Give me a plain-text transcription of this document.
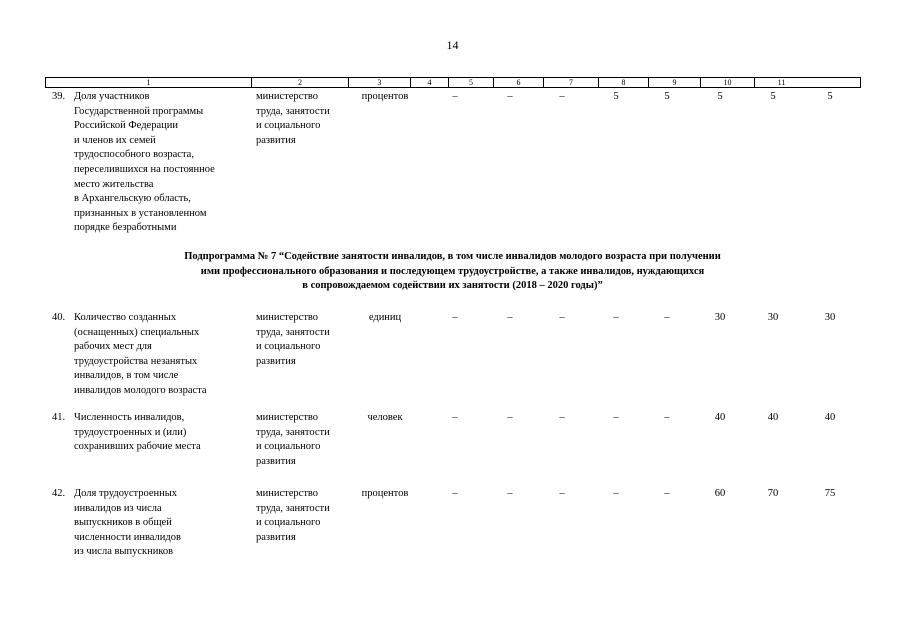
14
1	2	3	4	5	6	7	8	9	10	11
39. Доля участников
Государственной программы
Российской Федерации
и членов их семей
трудоспособного возраста,
переселившихся на постоянное
место жительства
в Архангельскую область,
признанных в установленном
порядке безработными
министерство
труда, занятости
и социального
развития
процентов	–	–	–	5	5	5	5	5
40. Количество созданных
(оснащенных) специальных
рабочих мест для
трудоустройства незанятых
инвалидов, в том числе
инвалидов молодого возраста
министерство
труда, занятости
и социального
развития
единиц	–	–	–	–	–	30	30	30
41. Численность инвалидов,
трудоустроенных и (или)
сохранивших рабочие места
министерство
труда, занятости
и социального
развития
человек	–	–	–	–	–	40	40	40
42. Доля трудоустроенных
инвалидов из числа
выпускников в общей
численности инвалидов
из числа выпускников
министерство
труда, занятости
и социального
развития
процентов	–	–	–	–	–	60	70	75
Подпрограмма № 7 “Содействие занятости инвалидов, в том числе инвалидов молодого возраста при получении
ими профессионального образования и последующем трудоустройстве, а также инвалидов, нуждающихся
в сопровождаемом содействии их занятости (2018 – 2020 годы)”
